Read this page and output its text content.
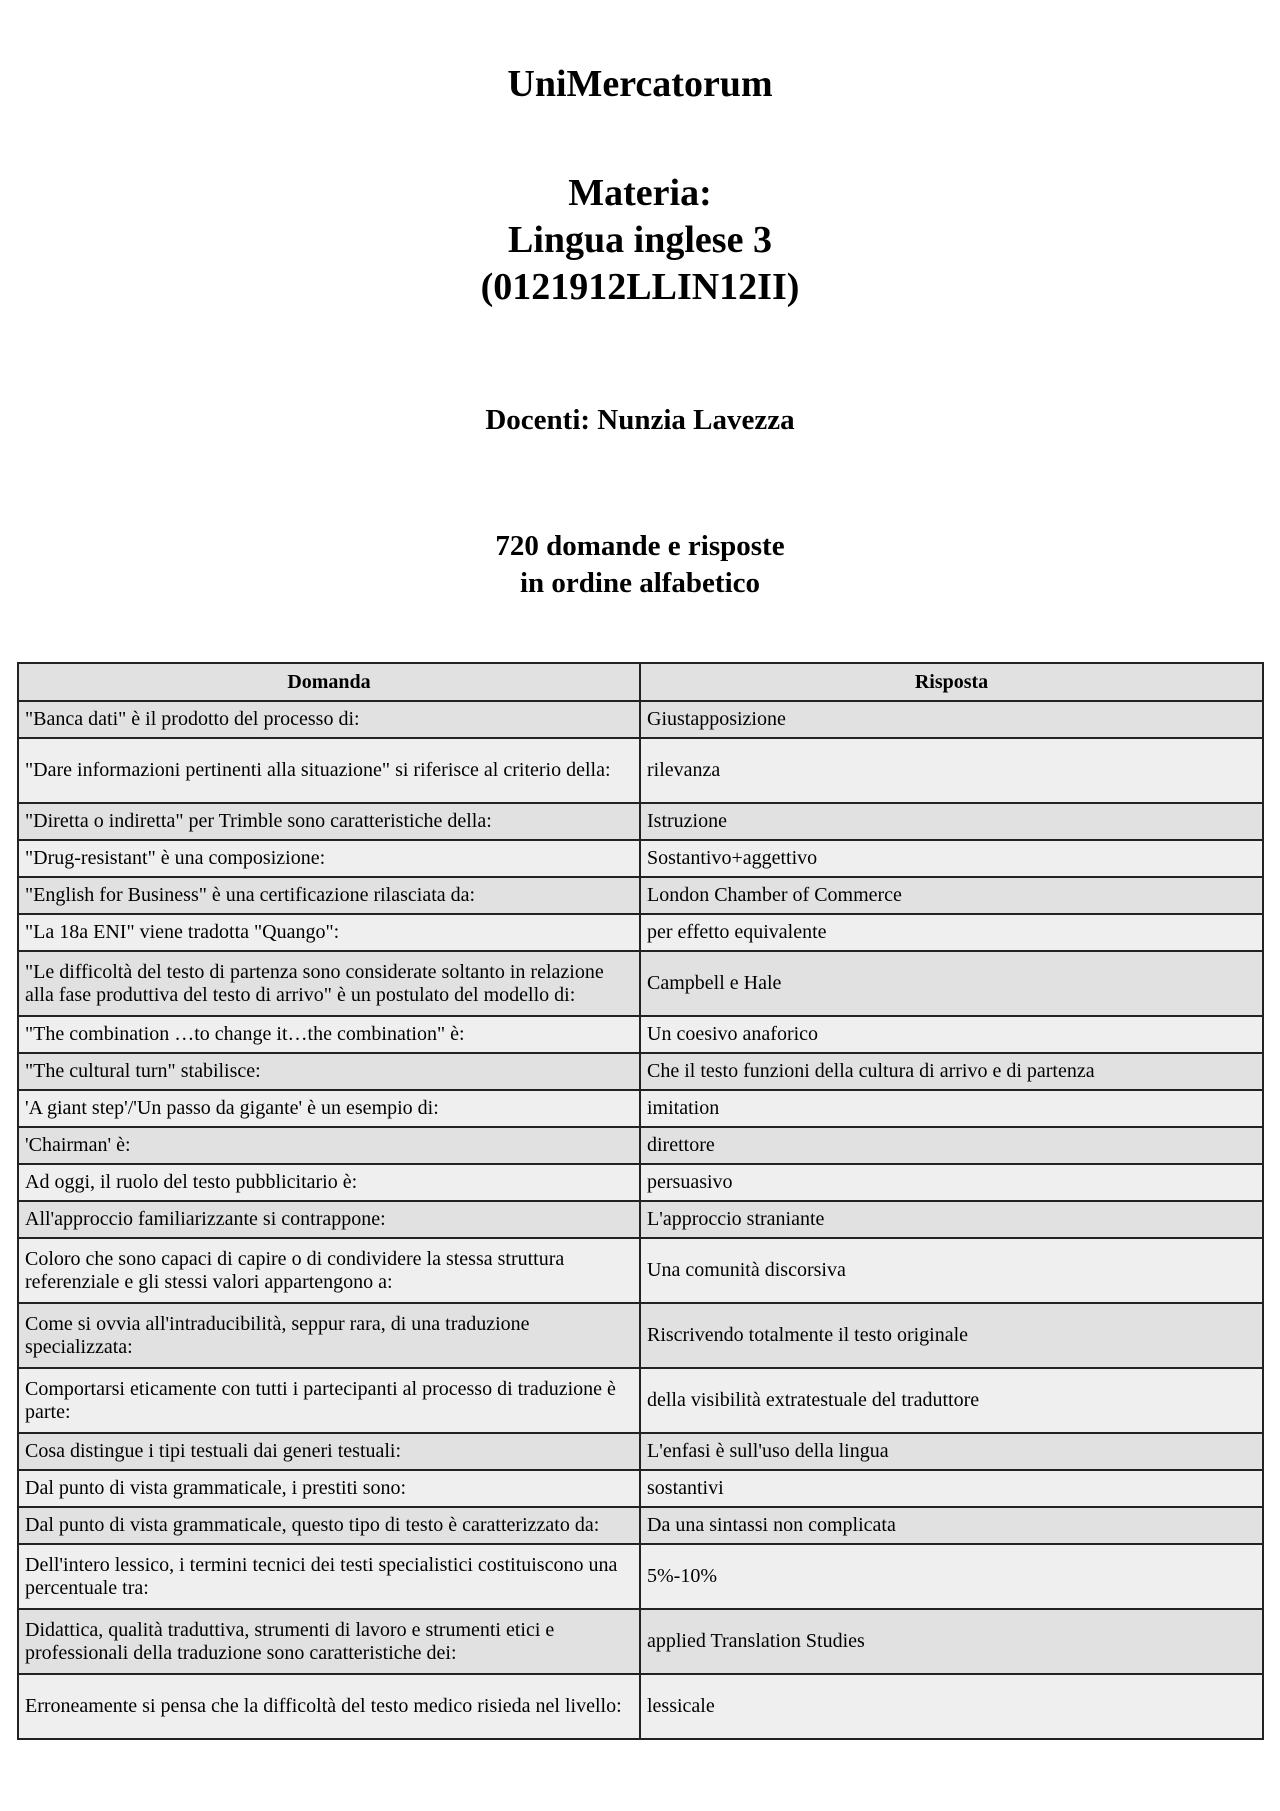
UniMercatorum
Materia:
Lingua inglese 3
(0121912LLIN12II)
Docenti: Nunzia Lavezza
720 domande e risposte
in ordine alfabetico
Domanda	Risposta
"Banca dati" è il prodotto del processo di:	Giustapposizione
"Dare informazioni pertinenti alla situazione" si riferisce al criterio della:	rilevanza
"Diretta o indiretta" per Trimble sono caratteristiche della:	Istruzione
"Drug-resistant" è una composizione:	Sostantivo+aggettivo
"English for Business" è una certificazione rilasciata da:	London Chamber of Commerce
"La 18a ENI" viene tradotta "Quango":	per effetto equivalente
"Le difficoltà del testo di partenza sono considerate soltanto in relazione alla fase produttiva del testo di arrivo" è un postulato del modello di:	Campbell e Hale
"The combination …to change it…the combination" è:	Un coesivo anaforico
"The cultural turn" stabilisce:	Che il testo funzioni della cultura di arrivo e di partenza
'A giant step'/'Un passo da gigante' è un esempio di:	imitation
'Chairman' è:	direttore
Ad oggi, il ruolo del testo pubblicitario è:	persuasivo
All'approccio familiarizzante si contrappone:	L'approccio straniante
Coloro che sono capaci di capire o di condividere la stessa struttura referenziale e gli stessi valori appartengono a:	Una comunità discorsiva
Come si ovvia all'intraducibilità, seppur rara, di una traduzione specializzata:	Riscrivendo totalmente il testo originale
Comportarsi eticamente con tutti i partecipanti al processo di traduzione è parte:	della visibilità extratestuale del traduttore
Cosa distingue i tipi testuali dai generi testuali:	L'enfasi è sull'uso della lingua
Dal punto di vista grammaticale, i prestiti sono:	sostantivi
Dal punto di vista grammaticale, questo tipo di testo è caratterizzato da:	Da una sintassi non complicata
Dell'intero lessico, i termini tecnici dei testi specialistici costituiscono una percentuale tra:	5%-10%
Didattica, qualità traduttiva, strumenti di lavoro e strumenti etici e professionali della traduzione sono caratteristiche dei:	applied Translation Studies
Erroneamente si pensa che la difficoltà del testo medico risieda nel livello:	lessicale
